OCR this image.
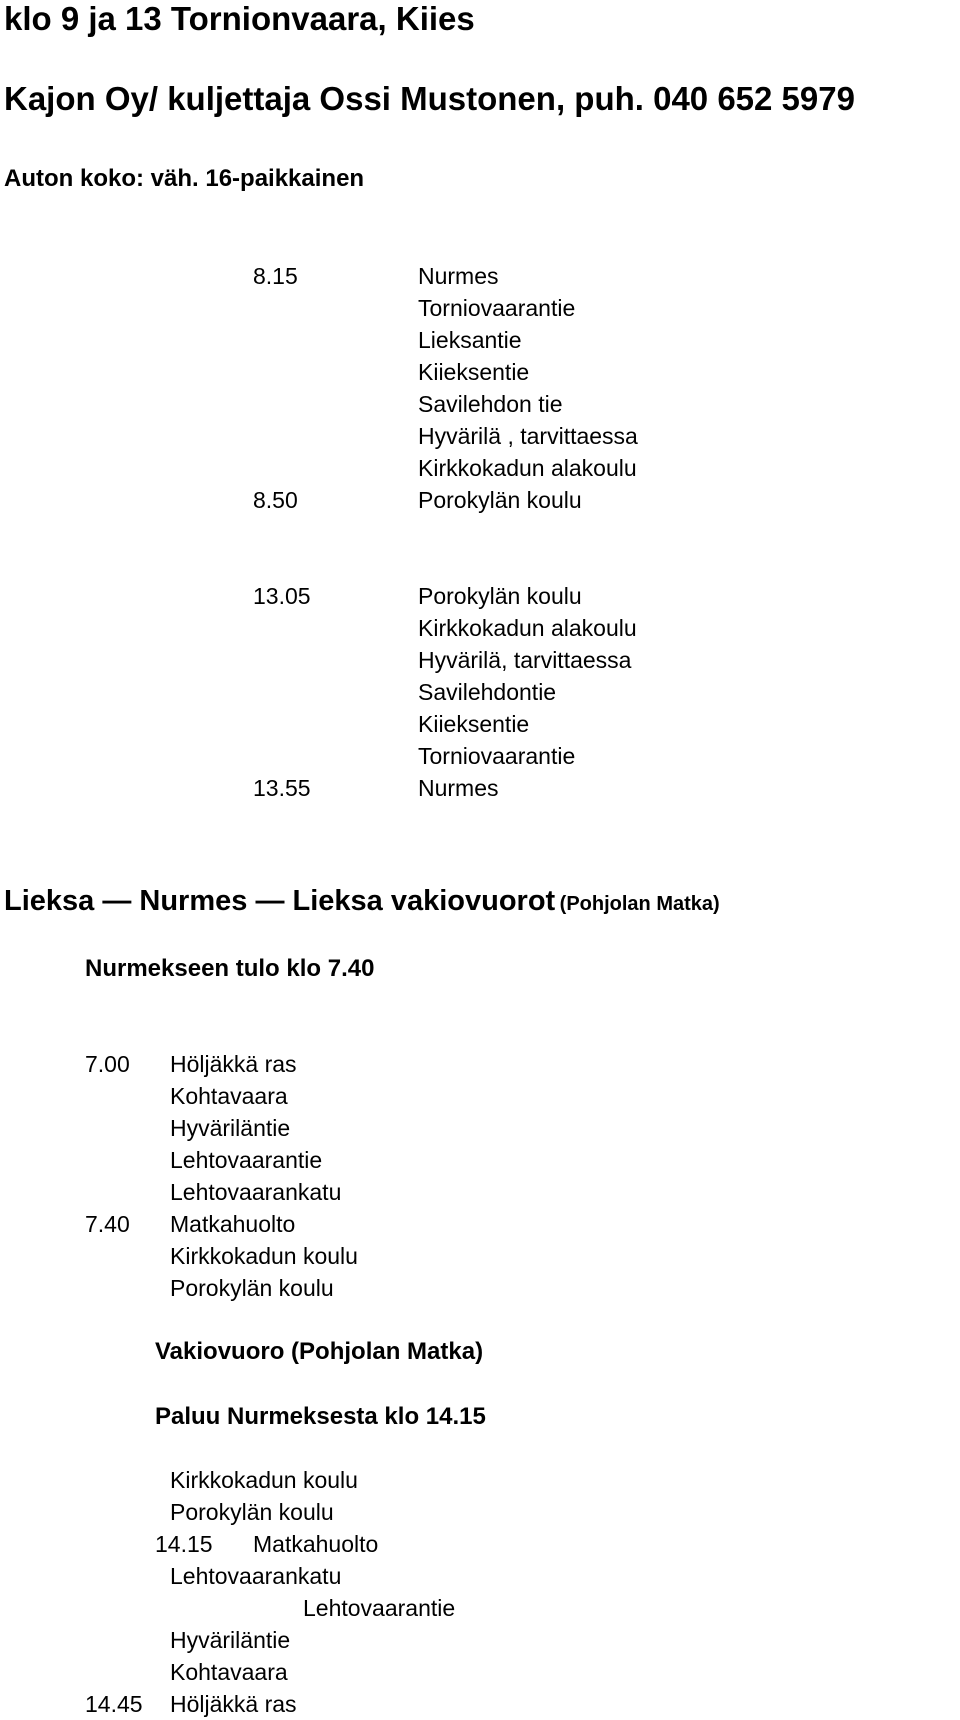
klo 9 ja 13 Tornionvaara, Kiies
Kajon Oy/ kuljettaja Ossi Mustonen, puh. 040 652 5979
Auton koko: väh. 16-paikkainen
8.15	Nurmes
Torniovaarantie
Lieksantie
Kiieksentie
Savilehdon tie
Hyvärilä , tarvittaessa
Kirkkokadun alakoulu
8.50	Porokylän koulu
13.05	Porokylän koulu
Kirkkokadun alakoulu
Hyvärilä, tarvittaessa
Savilehdontie
Kiieksentie
Torniovaarantie
13.55	Nurmes
Lieksa — Nurmes — Lieksa vakiovuorot (Pohjolan Matka)
Nurmekseen tulo klo 7.40
7.00 Höljäkkä ras
Kohtavaara
Hyväriläntie
Lehtovaarantie
Lehtovaarankatu
7.40 Matkahuolto
Kirkkokadun koulu
Porokylän koulu
Vakiovuoro (Pohjolan Matka)
Paluu Nurmeksesta klo 14.15
Kirkkokadun koulu
Porokylän koulu
14.15 Matkahuolto
Lehtovaarankatu
Lehtovaarantie
Hyväriläntie
Kohtavaara
14.45 Höljäkkä ras
